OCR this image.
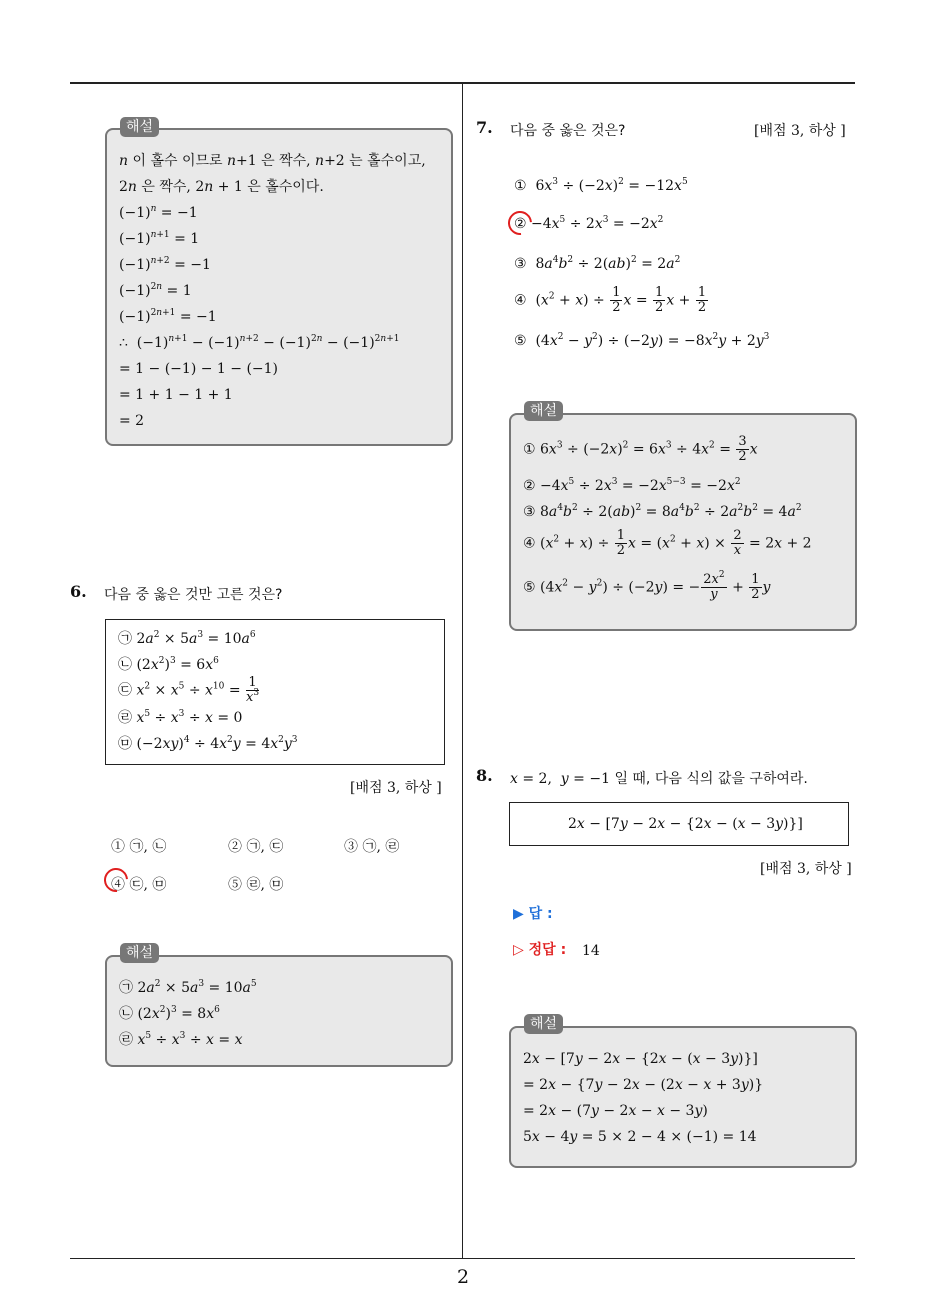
2
n 이 홀수 이므로 n+1 은 짝수, n+2 는 홀수이고,
2n 은 짝수, 2n + 1 은 홀수이다.
$(-1)^n = -1$
$(-1)^{n+1} = 1$
$(-1)^{n+2} = -1$
$(-1)^{2n} = 1$
$(-1)^{2n+1} = -1$
∴  $(-1)^{n+1} - (-1)^{n+2} - (-1)^{2n} - (-1)^{2n+1}$
= 1 − (−1) − 1 − (−1)
= 1 + 1 − 1 + 1
= 2
해설
6. 다음 중 옳은 것만 고른 것은?
㉠ $2a^2 \times 5a^3 = 10a^6$
㉡ $(2x^2)^3 = 6x^6$
㉢ $x^2 \times x^5 \div x^{10} = \frac{1}{x^3}$
㉣ $x^5 \div x^3 \div x = 0$
㉤ $(-2xy)^4 \div 4x^2y = 4x^2y^3$
[배점 3, 하상 ]
① ㉠, ㉡	② ㉠, ㉢	③ ㉠, ㉣
④ ㉢, ㉤	⑤ ㉣, ㉤
㉠ $2a^2 \times 5a^3 = 10a^5$
㉡ $(2x^2)^3 = 8x^6$
㉣ $x^5 \div x^3 \div x = x$
해설
7. 다음 중 옳은 것은?	[배점 3, 하상 ]
①  $6x^3 \div (-2x)^2 = -12x^5$
② $-4x^5 \div 2x^3 = -2x^2$
③  $8a^4b^2 \div 2(ab)^2 = 2a^2$
④  $(x^2 + x) \div \frac{1}{2}$ $x = \frac{1}{2}$ $x + \frac{1}{2}$
⑤  $(4x^2 - y^2) \div (-2y) = -8x^2y + 2y^3$
① $6x^3 \div (-2x)^2 = 6x^3 \div 4x^2 = \frac{3}{2}$ x
② $-4x^5 \div 2x^3 = -2x^{5-3} = -2x^2$
③ $8a^4b^2 \div 2(ab)^2 = 8a^4b^2 \div 2a^2b^2 = 4a^2$
④ $(x^2 + x) \div \frac{1}{2}$ $x = (x^2 + x) \times \frac{2}{x} = 2x + 2$
⑤ $(4x^2 - y^2) \div (-2y)$ = − $\frac{2x^2}{y} + \frac{1}{2}$ y
해설
8. x = 2,  y = −1 일 때, 다음 식의 값을 구하여라.
2x − [7y − 2x − {2x − (x − 3y)}]
[배점 3, 하상 ]
▶ 답 :
▷ 정답 : 14
2x − [7y − 2x − {2x − (x − 3y)}]
= 2x − {7y − 2x − (2x − x + 3y)}
= 2x − (7y − 2x − x − 3y)
5x − 4y = 5 × 2 − 4 × (−1) = 14
해설
